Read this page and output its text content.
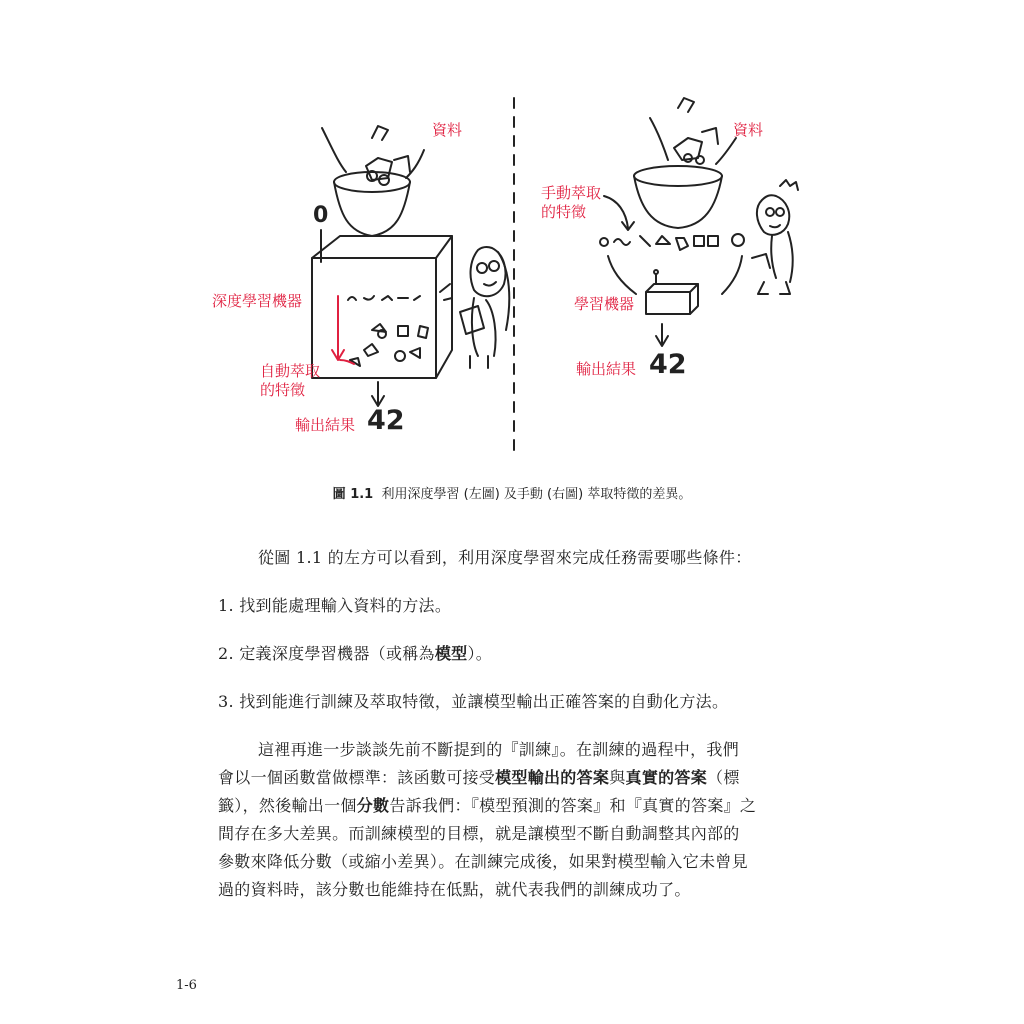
資料
0
深度學習機器
自動萃取
的特徵
輸出結果 42
資料
手動萃取
的特徵
學習機器
輸出結果 42
圖 1.1 利用深度學習 (左圖) 及手動 (右圖) 萃取特徵的差異。
從圖 1.1 的左方可以看到，利用深度學習來完成任務需要哪些條件：
1. 找到能處理輸入資料的方法。
2. 定義深度學習機器（或稱為模型）。
3. 找到能進行訓練及萃取特徵，並讓模型輸出正確答案的自動化方法。
這裡再進一步談談先前不斷提到的『訓練』。在訓練的過程中，我們
會以一個函數當做標準：該函數可接受模型輸出的答案與真實的答案（標
籤），然後輸出一個分數告訴我們：『模型預測的答案』和『真實的答案』之
間存在多大差異。而訓練模型的目標，就是讓模型不斷自動調整其內部的
參數來降低分數（或縮小差異）。在訓練完成後，如果對模型輸入它未曾見
過的資料時，該分數也能維持在低點，就代表我們的訓練成功了。
1-6
